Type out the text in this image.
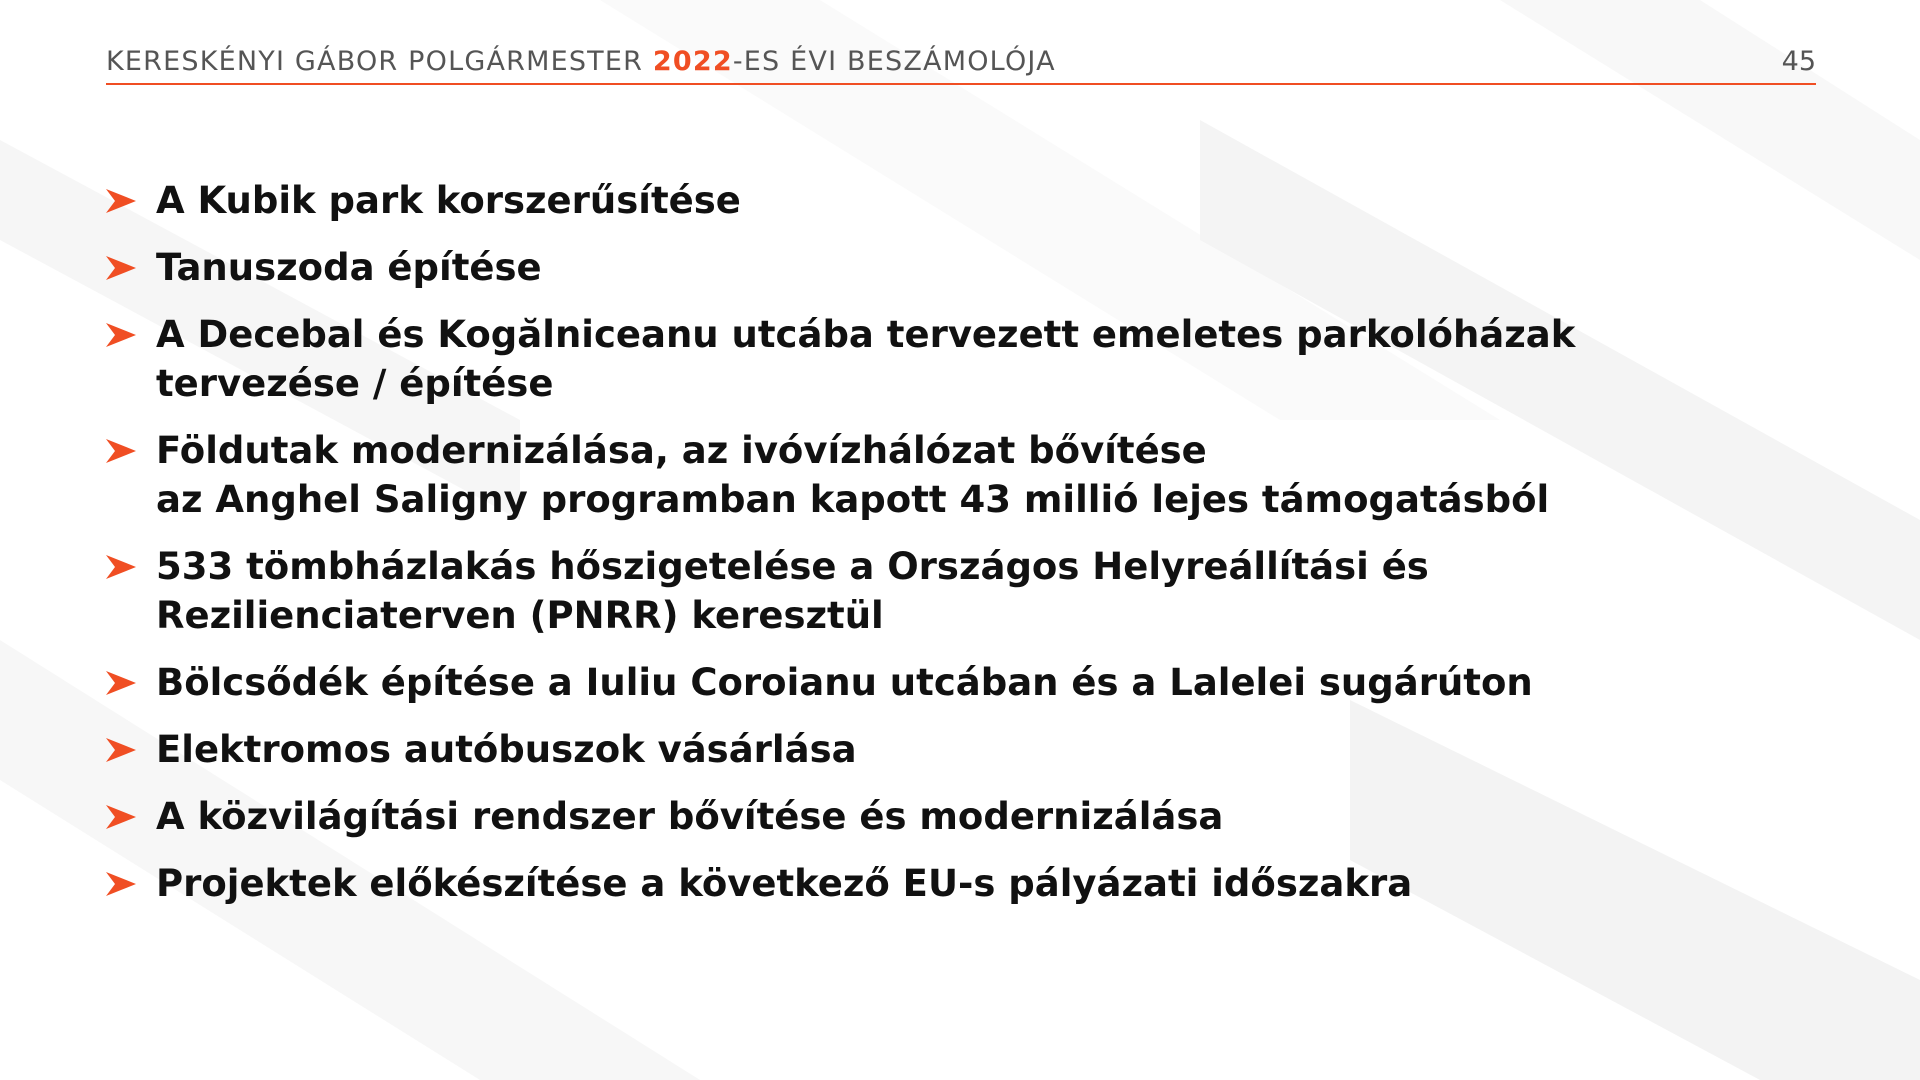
KERESKÉNYI GÁBOR POLGÁRMESTER 2022-ES ÉVI BESZÁMOLÓJA	45
A Kubik park korszerűsítése
Tanuszoda építése
A Decebal és Kogălniceanu utcába tervezett emeletes parkolóházak
tervezése / építése
Földutak modernizálása, az ivóvízhálózat bővítése
az Anghel Saligny programban kapott 43 millió lejes támogatásból
533 tömbházlakás hőszigetelése a Országos Helyreállítási és
Rezilienciaterven (PNRR) keresztül
Bölcsődék építése a Iuliu Coroianu utcában és a Lalelei sugárúton
Elektromos autóbuszok vásárlása
A közvilágítási rendszer bővítése és modernizálása
Projektek előkészítése a következő EU-s pályázati időszakra
